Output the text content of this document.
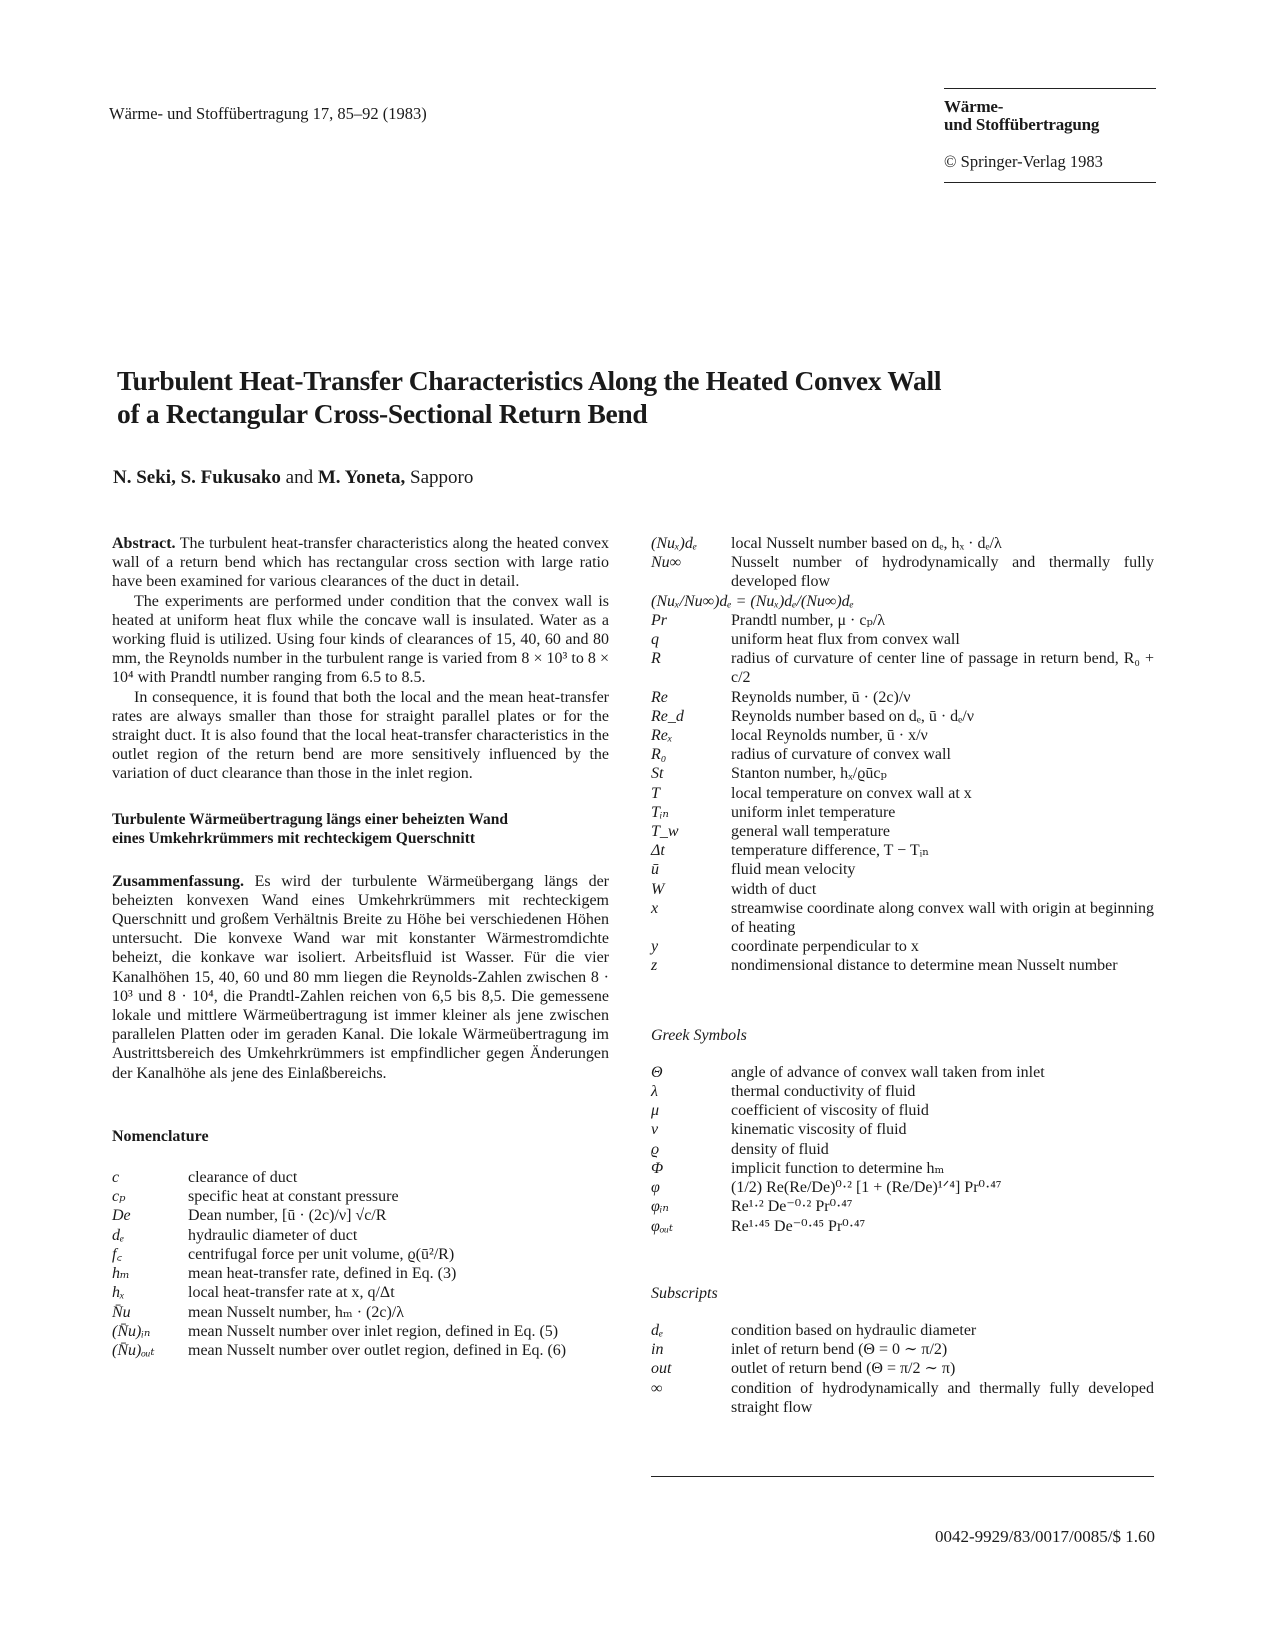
Wärme- und Stoffübertragung 17, 85–92 (1983)	Wärme-
und Stoffübertragung
© Springer-Verlag 1983
Turbulent Heat-Transfer Characteristics Along the Heated Convex Wall
of a Rectangular Cross-Sectional Return Bend
N. Seki, S. Fukusako and M. Yoneta, Sapporo

Abstract. The turbulent heat-transfer characteristics along the heated convex wall of a return bend which has rectangular cross section with large ratio have been examined for various clearances of the duct in detail.

The experiments are performed under condition that the convex wall is heated at uniform heat flux while the concave wall is insulated. Water as a working fluid is utilized. Using four kinds of clearances of 15, 40, 60 and 80 mm, the Reynolds number in the turbulent range is varied from 8 × 10³ to 8 × 10⁴ with Prandtl number ranging from 6.5 to 8.5.

In consequence, it is found that both the local and the mean heat-transfer rates are always smaller than those for straight parallel plates or for the straight duct. It is also found that the local heat-transfer characteristics in the outlet region of the return bend are more sensitively influenced by the variation of duct clearance than those in the inlet region.

Turbulente Wärmeübertragung längs einer beheizten Wand
eines Umkehrkrümmers mit rechteckigem Querschnitt

Zusammenfassung. Es wird der turbulente Wärmeübergang längs der beheizten konvexen Wand eines Umkehrkrümmers mit rechteckigem Querschnitt und großem Verhältnis Breite zu Höhe bei verschiedenen Höhen untersucht. Die konvexe Wand war mit konstanter Wärmestromdichte beheizt, die konkave war isoliert. Arbeitsfluid ist Wasser. Für die vier Kanalhöhen 15, 40, 60 und 80 mm liegen die Reynolds-Zahlen zwischen 8 · 10³ und 8 · 10⁴, die Prandtl-Zahlen reichen von 6,5 bis 8,5. Die gemessene lokale und mittlere Wärmeübertragung ist immer kleiner als jene zwischen parallelen Platten oder im geraden Kanal. Die lokale Wärmeübertragung im Austrittsbereich des Umkehrkrümmers ist empfindlicher gegen Änderungen der Kanalhöhe als jene des Einlaßbereichs.

Nomenclature
c	clearance of duct
cₚ	specific heat at constant pressure
De	Dean number, [ū · (2c)/ν] √c/R
dₑ	hydraulic diameter of duct
f꜀	centrifugal force per unit volume, ϱ(ū²/R)
hₘ	mean heat-transfer rate, defined in Eq. (3)
hₓ	local heat-transfer rate at x, q/Δt
N̄u	mean Nusselt number, hₘ · (2c)/λ
(N̄u)ᵢₙ	mean Nusselt number over inlet region, defined in Eq. (5)
(N̄u)ₒᵤₜ	mean Nusselt number over outlet region, defined in Eq. (6)
(Nuₓ)dₑ	local Nusselt number based on dₑ, hₓ · dₑ/λ
Nu∞	Nusselt number of hydrodynamically and thermally fully developed flow
(Nuₓ/Nu∞)dₑ = (Nuₓ)dₑ/(Nu∞)dₑ	
Pr	Prandtl number, μ · cₚ/λ
q	uniform heat flux from convex wall
R	radius of curvature of center line of passage in return bend, R₀ + c/2
Re	Reynolds number, ū · (2c)/ν
Re_d	Reynolds number based on dₑ, ū · dₑ/ν
Reₓ	local Reynolds number, ū · x/ν
R₀	radius of curvature of convex wall
St	Stanton number, hₓ/ϱūcₚ
T	local temperature on convex wall at x
Tᵢₙ	uniform inlet temperature
T_w	general wall temperature
Δt	temperature difference, T − Tᵢₙ
ū	fluid mean velocity
W	width of duct
x	streamwise coordinate along convex wall with origin at beginning of heating
y	coordinate perpendicular to x
z	nondimensional distance to determine mean Nusselt number
Greek Symbols
Θ	angle of advance of convex wall taken from inlet
λ	thermal conductivity of fluid
μ	coefficient of viscosity of fluid
ν	kinematic viscosity of fluid
ϱ	density of fluid
Φ	implicit function to determine hₘ
φ	(1/2) Re(Re/De)⁰·² [1 + (Re/De)¹ᐟ⁴] Pr⁰·⁴⁷
φᵢₙ	Re¹·² De⁻⁰·² Pr⁰·⁴⁷
φₒᵤₜ	Re¹·⁴⁵ De⁻⁰·⁴⁵ Pr⁰·⁴⁷
Subscripts
dₑ	condition based on hydraulic diameter
in	inlet of return bend (Θ = 0 ∼ π/2)
out	outlet of return bend (Θ = π/2 ∼ π)
∞	condition of hydrodynamically and thermally fully developed straight flow
0042-9929/83/0017/0085/$ 1.60
